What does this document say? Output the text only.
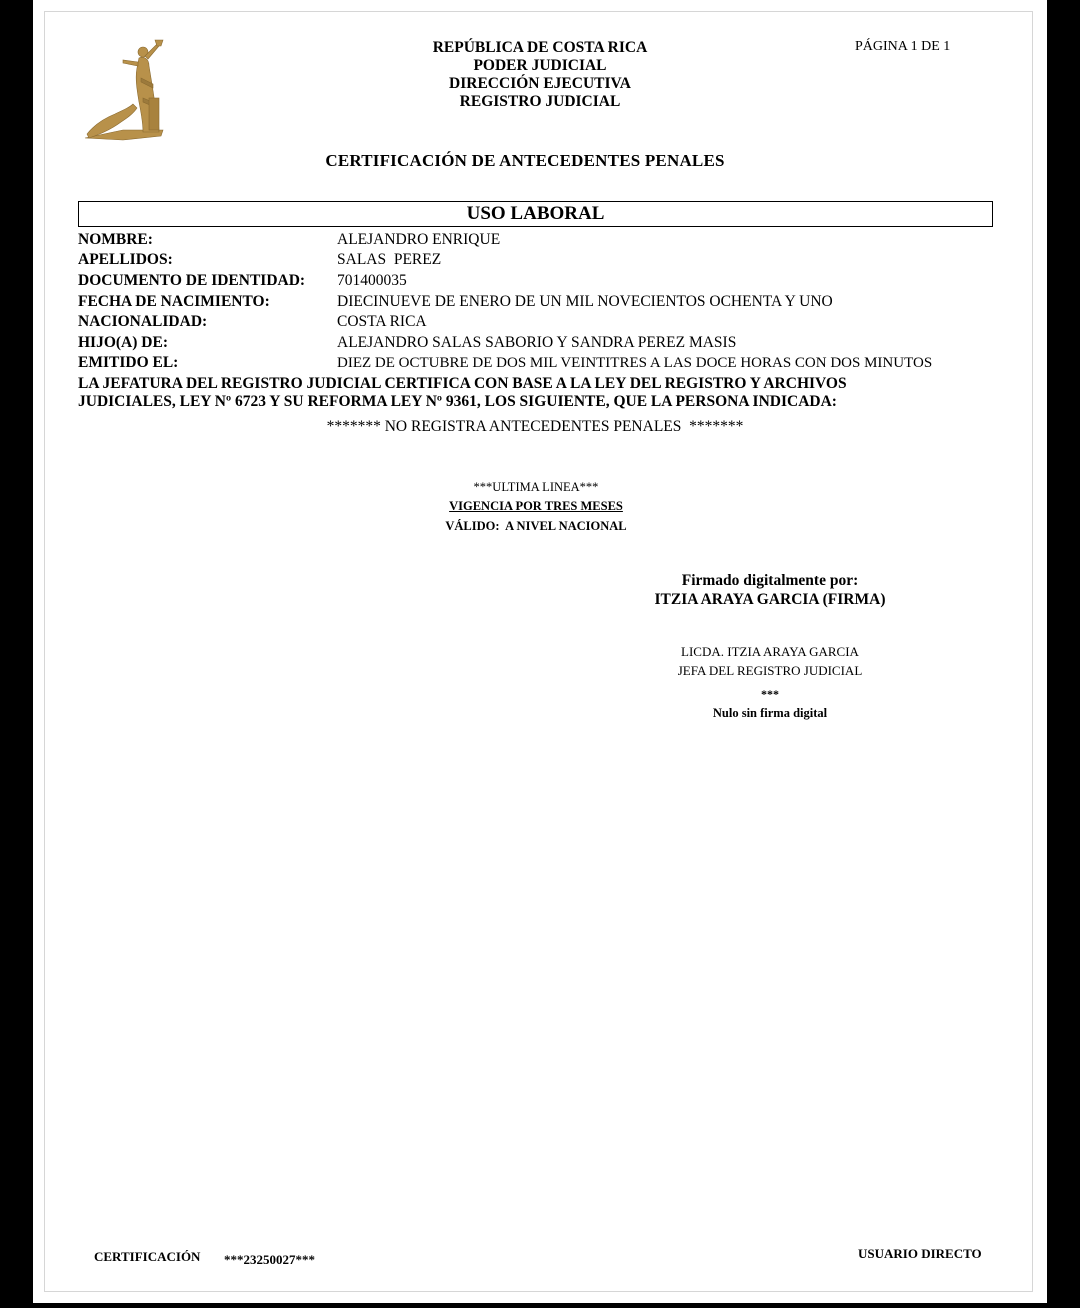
REPÚBLICA DE COSTA RICA
PODER JUDICIAL
DIRECCIÓN EJECUTIVA
REGISTRO JUDICIAL
PÁGINA 1 DE 1
CERTIFICACIÓN DE ANTECEDENTES PENALES
USO LABORAL
NOMBRE:	ALEJANDRO ENRIQUE
APELLIDOS:	SALAS  PEREZ
DOCUMENTO DE IDENTIDAD: 701400035
FECHA DE NACIMIENTO:	DIECINUEVE DE ENERO DE UN MIL NOVECIENTOS OCHENTA Y UNO
NACIONALIDAD:	COSTA RICA
HIJO(A) DE:	ALEJANDRO SALAS SABORIO Y SANDRA PEREZ MASIS
EMITIDO EL:	DIEZ DE OCTUBRE DE DOS MIL VEINTITRES A LAS DOCE HORAS CON DOS MINUTOS
LA JEFATURA DEL REGISTRO JUDICIAL CERTIFICA CON BASE A LA LEY DEL REGISTRO Y ARCHIVOS
JUDICIALES, LEY Nº 6723 Y SU REFORMA LEY Nº 9361, LOS SIGUIENTE, QUE LA PERSONA INDICADA:
******* NO REGISTRA ANTECEDENTES PENALES  *******
***ULTIMA LINEA***
VIGENCIA POR TRES MESES
VÁLIDO:  A NIVEL NACIONAL
Firmado digitalmente por:
ITZIA ARAYA GARCIA (FIRMA)
LICDA. ITZIA ARAYA GARCIA
JEFA DEL REGISTRO JUDICIAL
***
Nulo sin firma digital
CERTIFICACIÓN ***23250027***	USUARIO DIRECTO
